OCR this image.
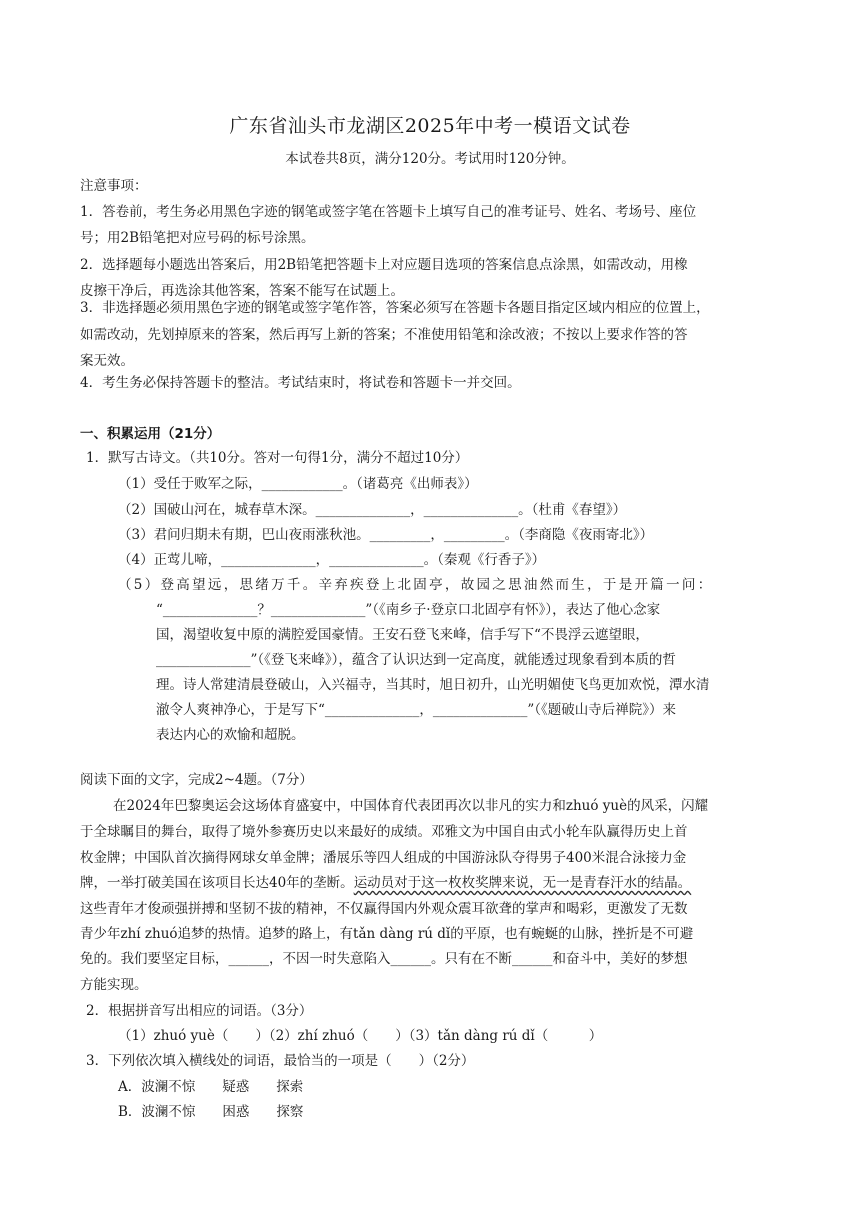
广东省汕头市龙湖区2025年中考一模语文试卷
本试卷共8页，满分120分。考试用时120分钟。
注意事项：
1．答卷前，考生务必用黑色字迹的钢笔或签字笔在答题卡上填写自己的准考证号、姓名、考场号、座位
号；用2B铅笔把对应号码的标号涂黑。
2．选择题每小题选出答案后，用2B铅笔把答题卡上对应题目选项的答案信息点涂黑，如需改动，用橡
皮擦干净后，再选涂其他答案，答案不能写在试题上。
3．非选择题必须用黑色字迹的钢笔或签字笔作答，答案必须写在答题卡各题目指定区域内相应的位置上，
如需改动，先划掉原来的答案，然后再写上新的答案；不准使用铅笔和涂改液；不按以上要求作答的答
案无效。
4．考生务必保持答题卡的整洁。考试结束时，将试卷和答题卡一并交回。
一、积累运用（21分）
1．默写古诗文。（共10分。答对一句得1分，满分不超过10分）
（1）受任于败军之际，____________。（诸葛亮《出师表》）
（2）国破山河在，城春草木深。______________，______________。（杜甫《春望》）
（3）君问归期未有期，巴山夜雨涨秋池。_________，_________。（李商隐《夜雨寄北》）
（4）正莺儿啼，______________，______________。（秦观《行香子》）
（5）登高望远，思绪万千。辛弃疾登上北固亭，故园之思油然而生，于是开篇一问：
“______________？______________”（《南乡子·登京口北固亭有怀》），表达了他心念家
国，渴望收复中原的满腔爱国豪情。王安石登飞来峰，信手写下“不畏浮云遮望眼，
______________”（《登飞来峰》），蕴含了认识达到一定高度，就能透过现象看到本质的哲
理。诗人常建清晨登破山，入兴福寺，当其时，旭日初升，山光明媚使飞鸟更加欢悦，潭水清
澈令人爽神净心，于是写下“______________，______________”（《题破山寺后禅院》）来
表达内心的欢愉和超脱。
阅读下面的文字，完成2~4题。（7分）
在2024年巴黎奥运会这场体育盛宴中，中国体育代表团再次以非凡的实力和zhuó yuè的风采，闪耀
于全球瞩目的舞台，取得了境外参赛历史以来最好的成绩。邓雅文为中国自由式小轮车队赢得历史上首
枚金牌；中国队首次摘得网球女单金牌；潘展乐等四人组成的中国游泳队夺得男子400米混合泳接力金
牌，一举打破美国在该项目长达40年的垄断。运动员对于这一枚枚奖牌来说，无一是青春汗水的结晶。
这些青年才俊顽强拼搏和坚韧不拔的精神，不仅赢得国内外观众震耳欲聋的掌声和喝彩，更激发了无数
青少年zhí zhuó追梦的热情。追梦的路上，有tǎn dàng rú dǐ的平原，也有蜿蜒的山脉，挫折是不可避
免的。我们要坚定目标，______，不因一时失意陷入______。只有在不断______和奋斗中，美好的梦想
方能实现。
2．根据拼音写出相应的词语。（3分）
（1）zhuó yuè（　　）（2）zhí zhuó（　　）（3）tǎn dàng rú dǐ（　　　）
3．下列依次填入横线处的词语，最恰当的一项是（　　）（2分）
A．波澜不惊　　疑惑　　探索
B．波澜不惊　　困惑　　探察
